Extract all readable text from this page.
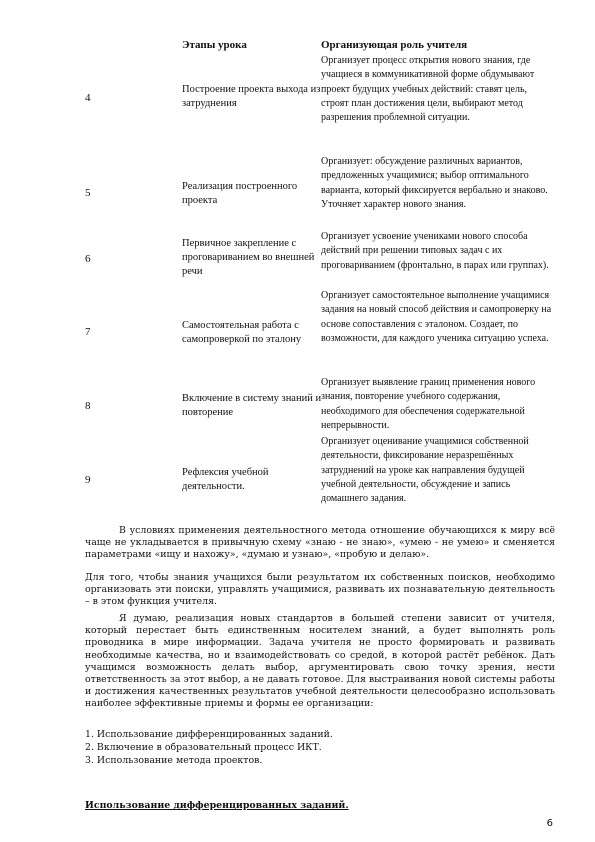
Этапы урока	Организующая роль учителя
4
Построение проекта выхода из затруднения
Организует процесс открытия нового знания, где учащиеся в коммуникативной форме обдумывают проект будущих учебных действий: ставят цель, строят план достижения цели, выбирают метод разрешения проблемной ситуации.
5
Реализация построенного проекта
Организует: обсуждение различных вариантов, предложенных учащимися; выбор оптимального варианта, который фиксируется вербально и знаково. Уточняет характер нового знания.
6
Первичное закрепление с проговариванием во внешней речи
Организует усвоение учениками нового способа действий при решении типовых задач с их проговариванием (фронтально, в парах или группах).
7
Самостоятельная работа с самопроверкой по эталону
Организует самостоятельное выполнение учащимися задания на новый способ действия и самопроверку на основе сопоставления с эталоном. Создает, по возможности, для каждого ученика ситуацию успеха.
8
Включение в систему знаний и повторение
Организует выявление границ применения нового знания, повторение учебного содержания, необходимого для обеспечения содержательной непрерывности.
9
Рефлексия учебной деятельности.
Организует оценивание учащимися собственной деятельности, фиксирование неразрешённых затруднений на уроке как направления будущей учебной деятельности, обсуждение и запись домашнего задания.
В условиях применения деятельностного метода отношение обучающихся к миру всё чаще не укладывается в привычную схему «знаю - не знаю», «умею - не умею» и сменяется параметрами «ищу и нахожу», «думаю и узнаю», «пробую и делаю».
Для того, чтобы знания учащихся были результатом их собственных поисков, необходимо организовать эти поиски, управлять учащимися, развивать их познавательную деятельность – в этом функция учителя.
Я думаю, реализация новых стандартов в большей степени зависит от учителя, который перестает быть единственным носителем знаний, а будет выполнять роль проводника в мире информации. Задача учителя не просто формировать и развивать необходимые качества, но и взаимодействовать со средой, в которой растёт ребёнок. Дать учащимся возможность делать выбор, аргументировать свою точку зрения, нести ответственность за этот выбор, а не давать готовое. Для выстраивания новой системы работы и достижения качественных результатов учебной деятельности целесообразно использовать наиболее эффективные приемы и формы ее организации:
1. Использование дифференцированных заданий.
2. Включение в образовательный процесс ИКТ.
3. Использование метода проектов.
Использование дифференцированных заданий.
6
